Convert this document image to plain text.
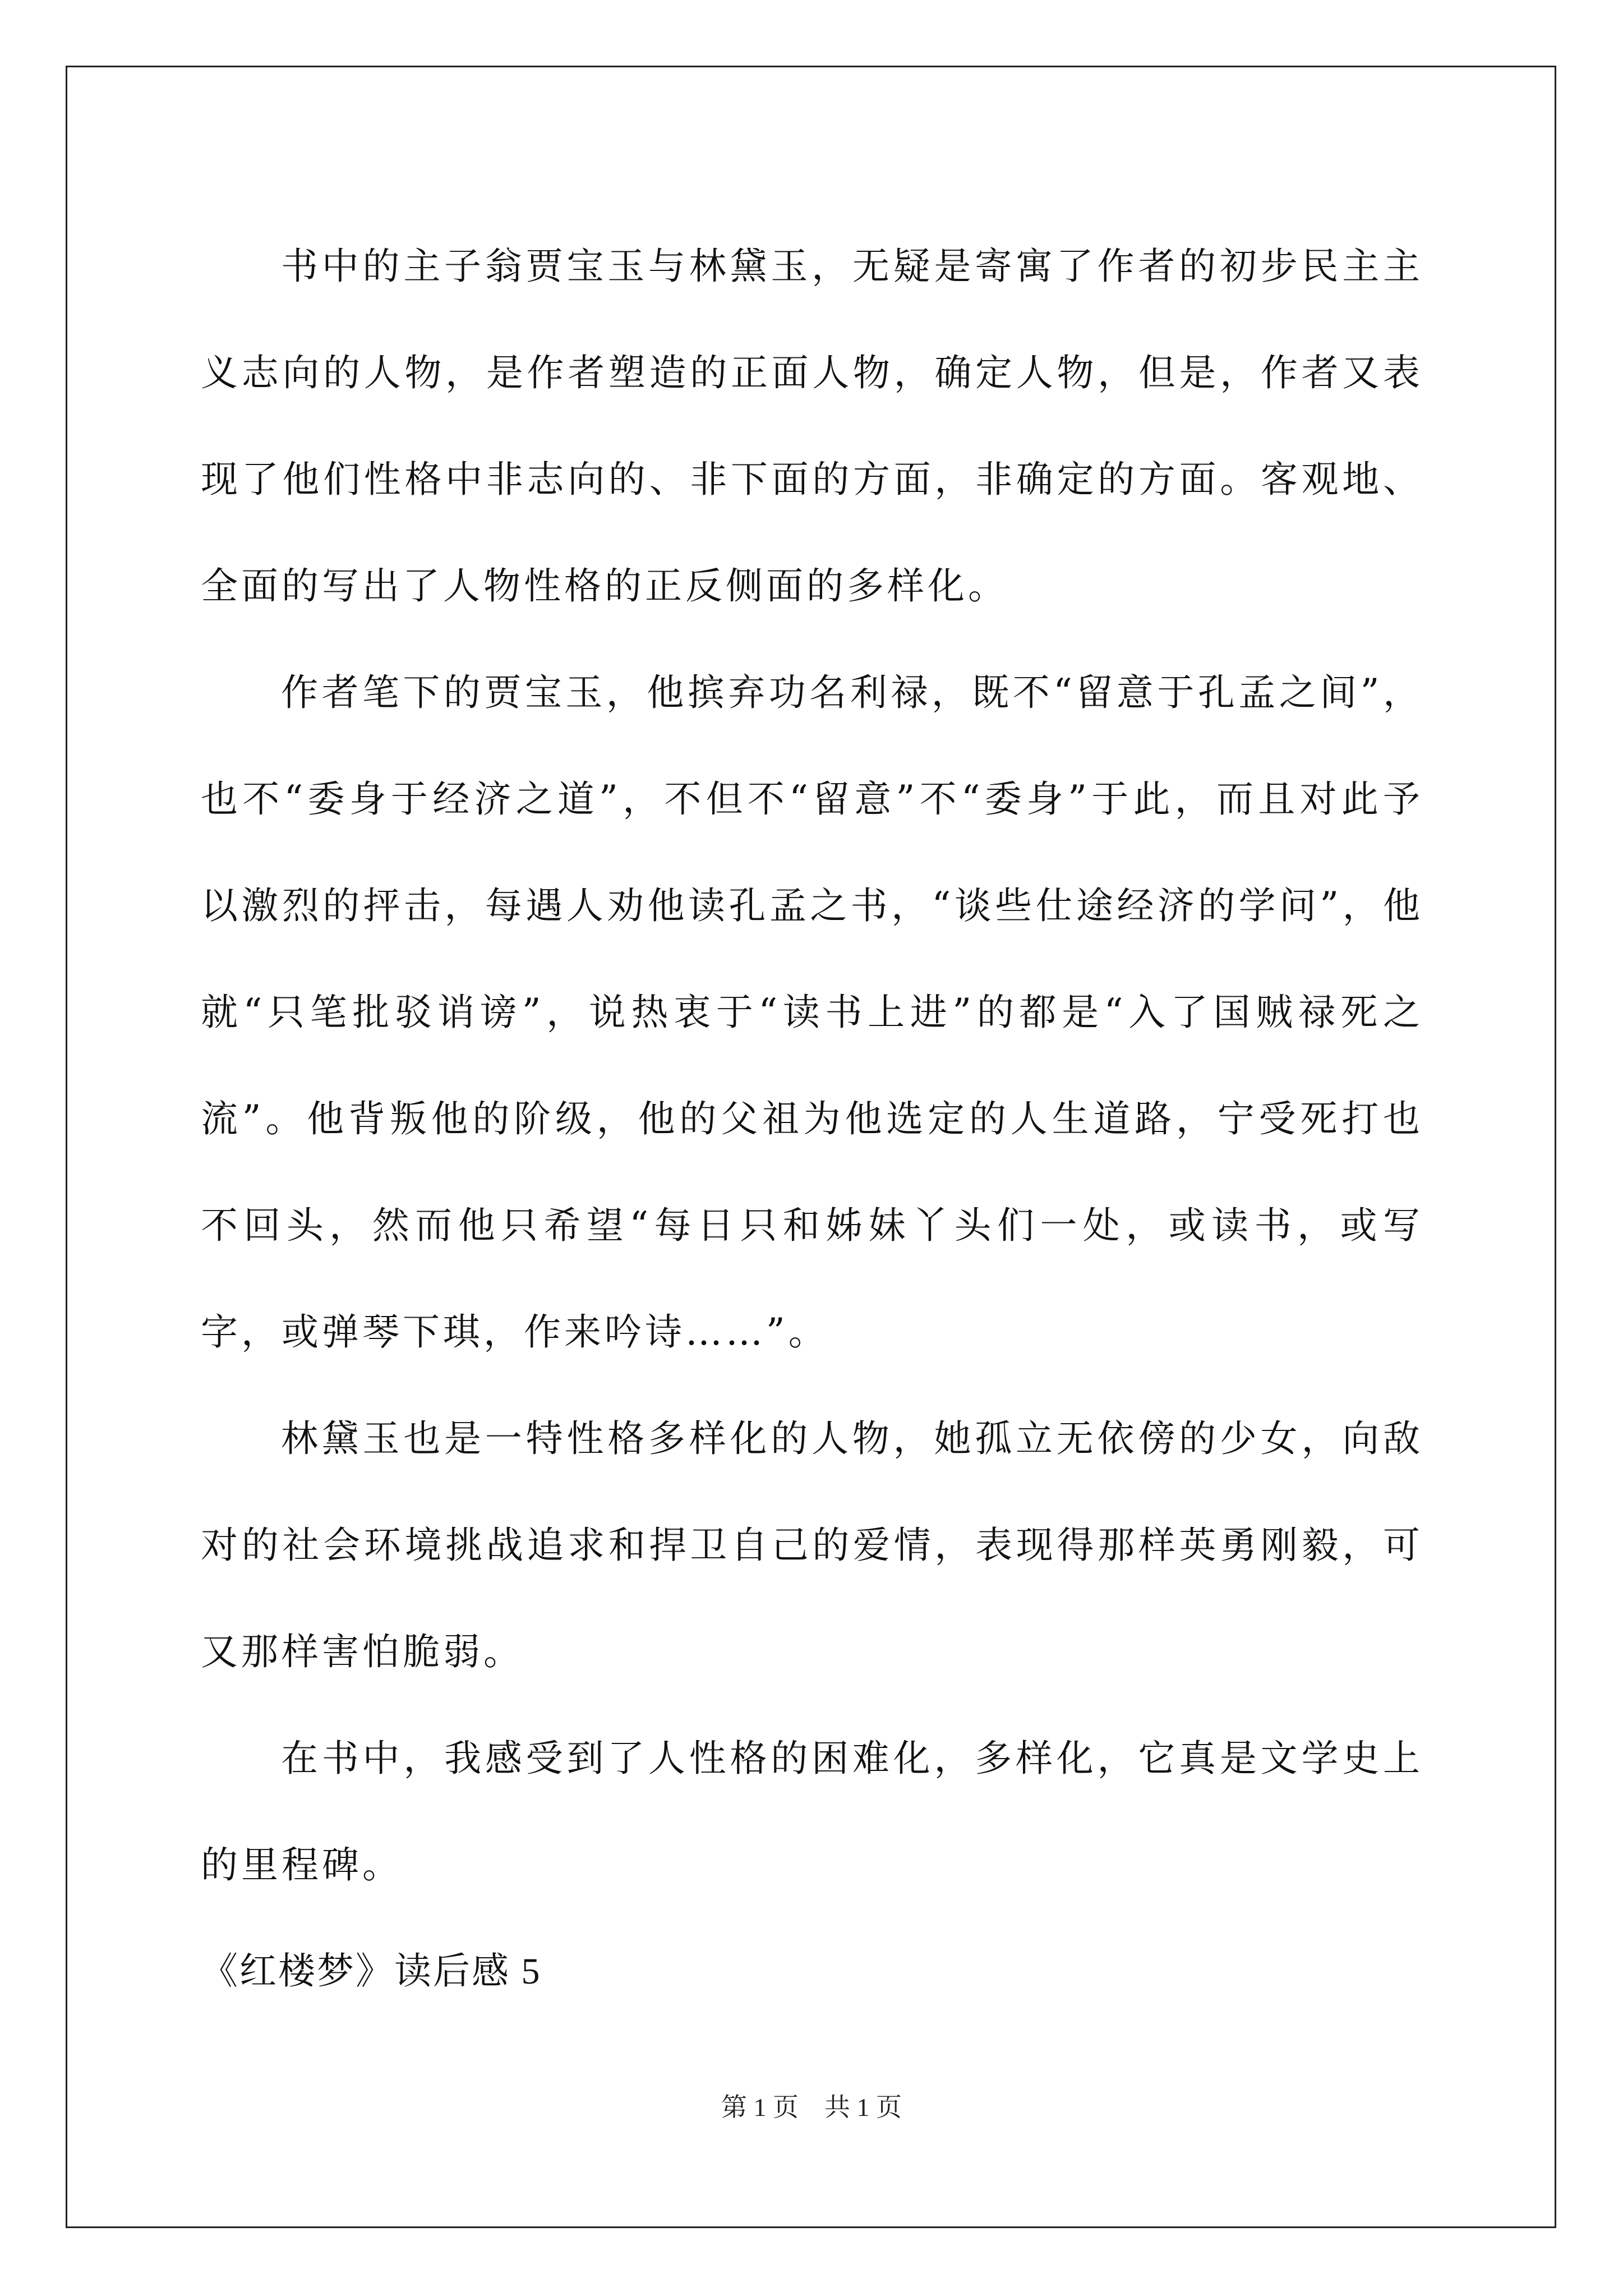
书中的主子翁贾宝玉与林黛玉，无疑是寄寓了作者的初步民主主义志向的人物，是作者塑造的正面人物，确定人物，但是，作者又表现了他们性格中非志向的、非下面的方面，非确定的方面。客观地、全面的写出了人物性格的正反侧面的多样化。

作者笔下的贾宝玉，他摈弃功名利禄，既不“留意于孔孟之间”，也不“委身于经济之道”，不但不“留意”不“委身”于此，而且对此予以激烈的抨击，每遇人劝他读孔孟之书，“谈些仕途经济的学问”，他就“只笔批驳诮谤”，说热衷于“读书上进”的都是“入了国贼禄死之流”。他背叛他的阶级，他的父祖为他选定的人生道路，宁受死打也不回头，然而他只希望“每日只和姊妹丫头们一处，或读书，或写字，或弹琴下琪，作来吟诗……”。

林黛玉也是一特性格多样化的人物，她孤立无依傍的少女，向敌对的社会环境挑战追求和捍卫自己的爱情，表现得那样英勇刚毅，可又那样害怕脆弱。

在书中，我感受到了人性格的困难化，多样化，它真是文学史上的里程碑。

《红楼梦》读后感 5

第 1 页　共 1 页
